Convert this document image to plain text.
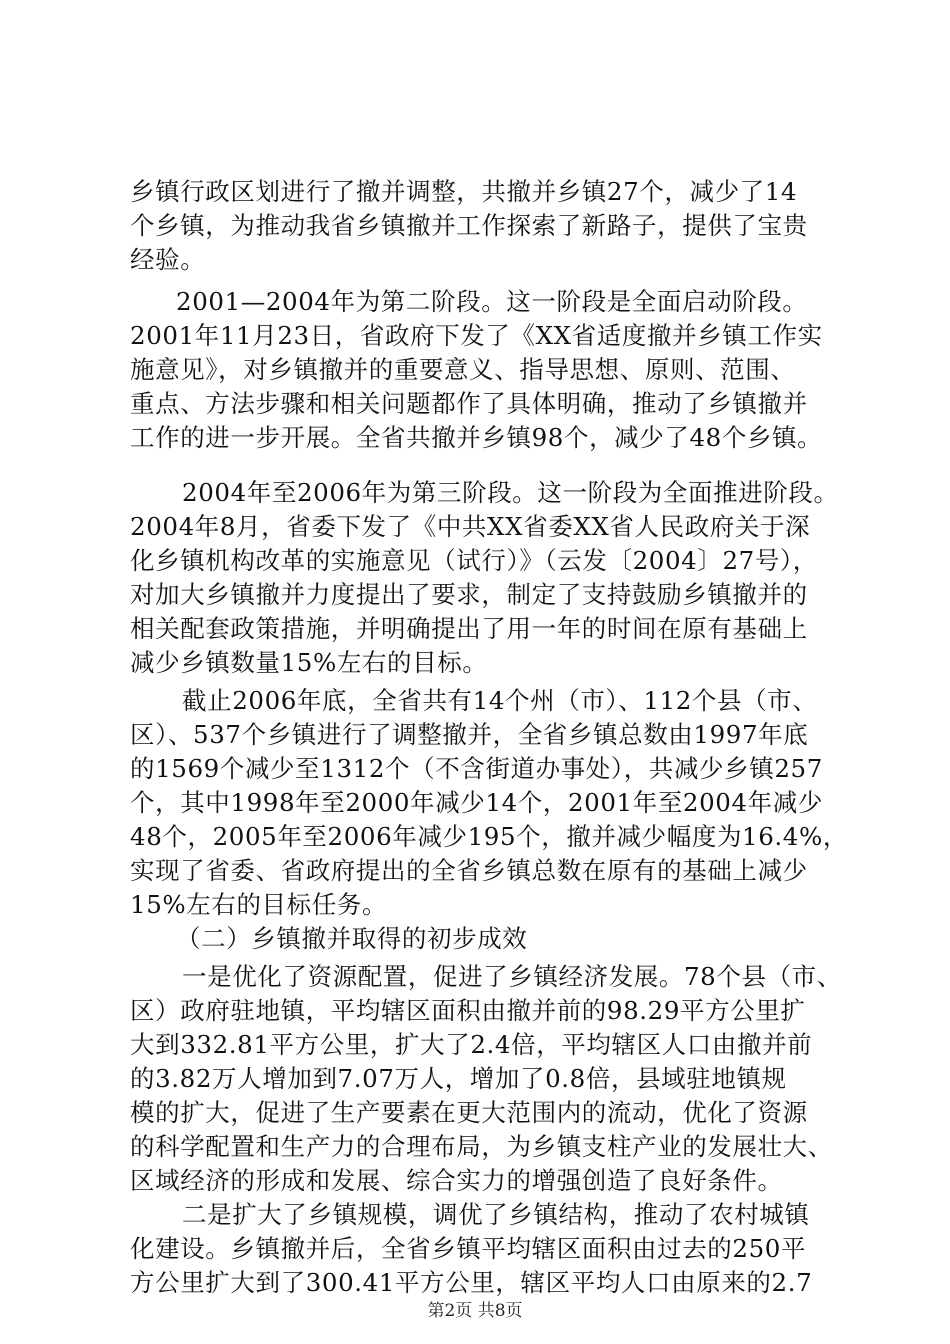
乡镇行政区划进行了撤并调整，共撤并乡镇27个，减少了14
个乡镇，为推动我省乡镇撤并工作探索了新路子，提供了宝贵
经验。
2001—2004年为第二阶段。这一阶段是全面启动阶段。
2001年11月23日，省政府下发了《XX省适度撤并乡镇工作实
施意见》，对乡镇撤并的重要意义、指导思想、原则、范围、
重点、方法步骤和相关问题都作了具体明确，推动了乡镇撤并
工作的进一步开展。全省共撤并乡镇98个，减少了48个乡镇。
2004年至2006年为第三阶段。这一阶段为全面推进阶段。
2004年8月，省委下发了《中共XX省委XX省人民政府关于深
化乡镇机构改革的实施意见（试行）》（云发〔2004〕27号），
对加大乡镇撤并力度提出了要求，制定了支持鼓励乡镇撤并的
相关配套政策措施，并明确提出了用一年的时间在原有基础上
减少乡镇数量15%左右的目标。
截止2006年底，全省共有14个州（市）、112个县（市、
区）、537个乡镇进行了调整撤并，全省乡镇总数由1997年底
的1569个减少至1312个（不含街道办事处），共减少乡镇257
个，其中1998年至2000年减少14个，2001年至2004年减少
48个，2005年至2006年减少195个，撤并减少幅度为16.4%，
实现了省委、省政府提出的全省乡镇总数在原有的基础上减少
15%左右的目标任务。
（二）乡镇撤并取得的初步成效
一是优化了资源配置，促进了乡镇经济发展。78个县（市、
区）政府驻地镇，平均辖区面积由撤并前的98.29平方公里扩
大到332.81平方公里，扩大了2.4倍，平均辖区人口由撤并前
的3.82万人增加到7.07万人，增加了0.8倍，县域驻地镇规
模的扩大，促进了生产要素在更大范围内的流动，优化了资源
的科学配置和生产力的合理布局，为乡镇支柱产业的发展壮大、
区域经济的形成和发展、综合实力的增强创造了良好条件。
二是扩大了乡镇规模，调优了乡镇结构，推动了农村城镇
化建设。乡镇撤并后，全省乡镇平均辖区面积由过去的250平
方公里扩大到了300.41平方公里，辖区平均人口由原来的2.7
第2页 共8页
